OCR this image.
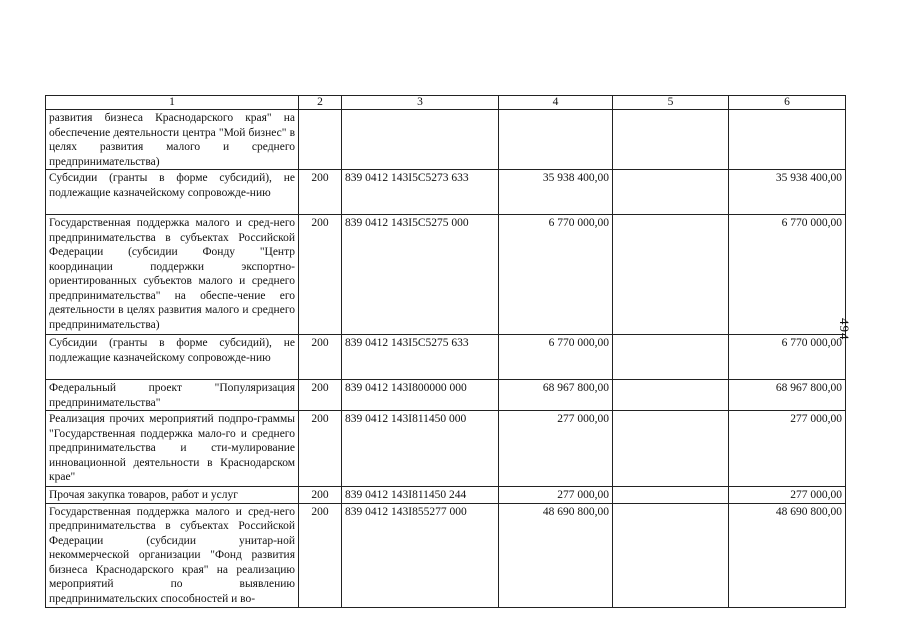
1	2	3	4	5	6
развития бизнеса Краснодарского края" на обеспечение деятельности центра "Мой бизнес" в целях развития малого и среднего предпринимательства)					
Субсидии (гранты в форме субсидий), не подлежащие казначейскому сопровожде-нию	200	839 0412 143I5C5273 633	35 938 400,00		35 938 400,00
Государственная поддержка малого и сред-него предпринимательства в субъектах Российской Федерации (субсидии Фонду "Центр координации поддержки экспортно-ориентированных субъектов малого и среднего предпринимательства" на обеспе-чение его деятельности в целях развития малого и среднего предпринимательства)	200	839 0412 143I5C5275 000	6 770 000,00		6 770 000,00
Субсидии (гранты в форме субсидий), не подлежащие казначейскому сопровожде-нию	200	839 0412 143I5C5275 633	6 770 000,00		6 770 000,00
Федеральный проект "Популяризация предпринимательства"	200	839 0412 143I800000 000	68 967 800,00		68 967 800,00
Реализация прочих мероприятий подпро-граммы "Государственная поддержка мало-го и среднего предпринимательства и сти-мулирование инновационной деятельности в Краснодарском крае"	200	839 0412 143I811450 000	277 000,00		277 000,00
Прочая закупка товаров, работ и услуг	200	839 0412 143I811450 244	277 000,00		277 000,00
Государственная поддержка малого и сред-него предпринимательства в субъектах Российской Федерации (субсидии унитар-ной некоммерческой организации "Фонд развития бизнеса Краснодарского края" на реализацию мероприятий по выявлению предпринимательских способностей и во-	200	839 0412 143I855277 000	48 690 800,00		48 690 800,00
494
